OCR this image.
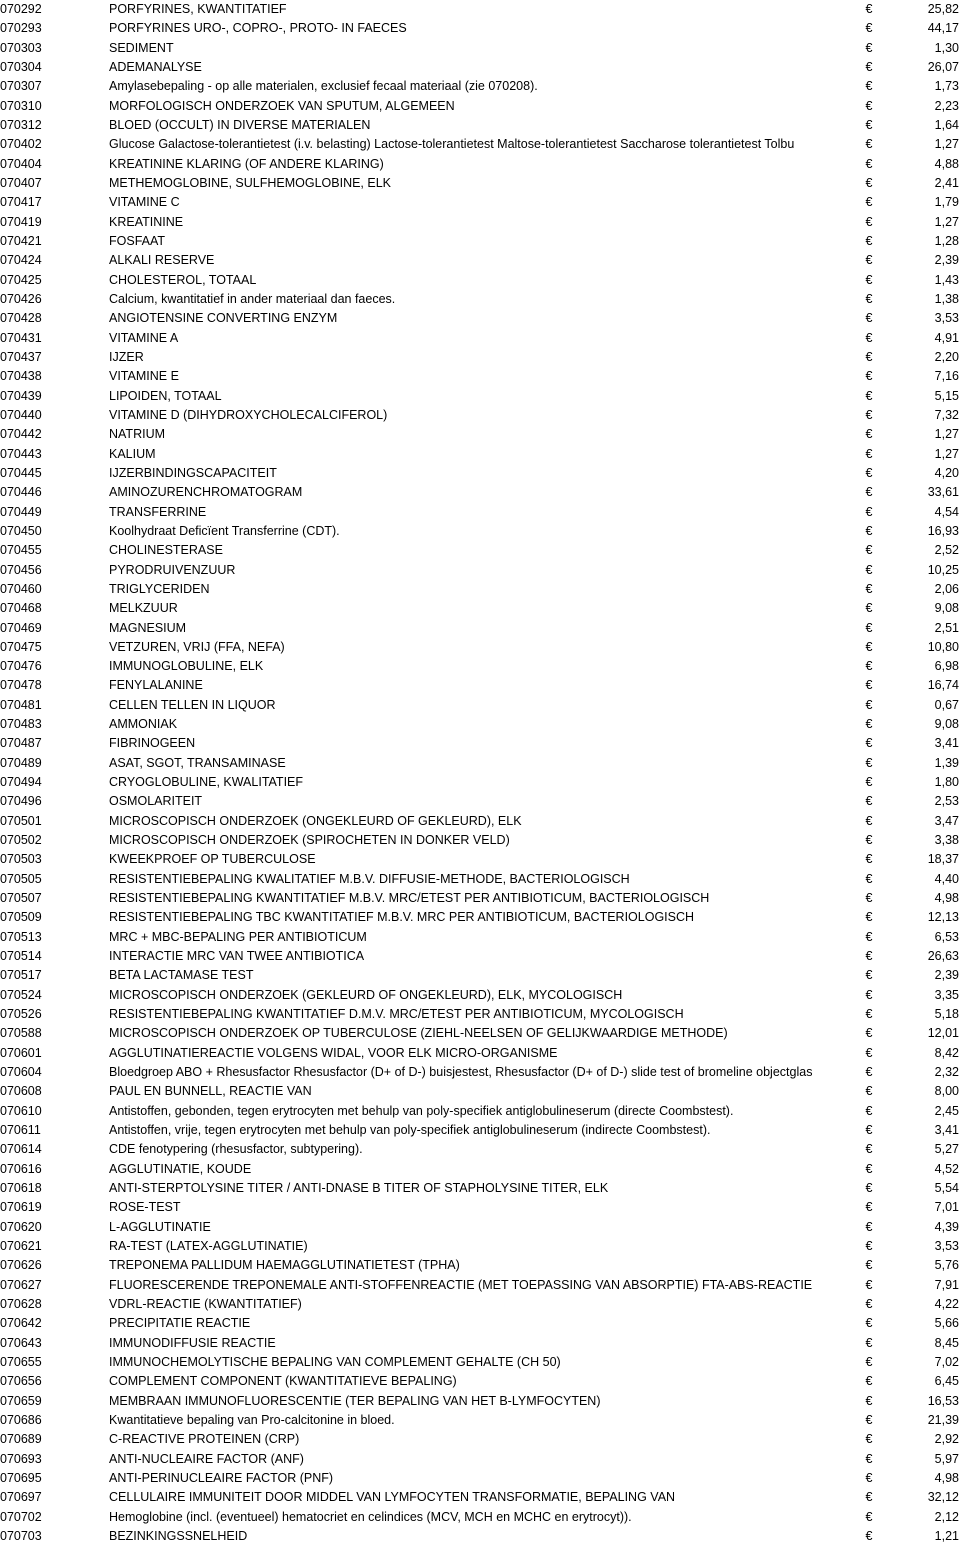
070292	PORFYRINES, KWANTITATIEF	€	25,82
070293	PORFYRINES URO-, COPRO-, PROTO- IN FAECES	€	44,17
070303	SEDIMENT	€	1,30
070304	ADEMANALYSE	€	26,07
070307	Amylasebepaling - op alle materialen, exclusief fecaal materiaal (zie 070208).	€	1,73
070310	MORFOLOGISCH ONDERZOEK VAN SPUTUM, ALGEMEEN	€	2,23
070312	BLOED (OCCULT) IN DIVERSE MATERIALEN	€	1,64
070402	Glucose Galactose-tolerantietest (i.v. belasting) Lactose-tolerantietest Maltose-tolerantietest Saccharose tolerantietest Tolbu	€	1,27
070404	KREATININE KLARING (OF ANDERE KLARING)	€	4,88
070407	METHEMOGLOBINE, SULFHEMOGLOBINE, ELK	€	2,41
070417	VITAMINE C	€	1,79
070419	KREATININE	€	1,27
070421	FOSFAAT	€	1,28
070424	ALKALI RESERVE	€	2,39
070425	CHOLESTEROL, TOTAAL	€	1,43
070426	Calcium, kwantitatief in ander materiaal dan faeces.	€	1,38
070428	ANGIOTENSINE CONVERTING ENZYM	€	3,53
070431	VITAMINE A	€	4,91
070437	IJZER	€	2,20
070438	VITAMINE E	€	7,16
070439	LIPOIDEN, TOTAAL	€	5,15
070440	VITAMINE D (DIHYDROXYCHOLECALCIFEROL)	€	7,32
070442	NATRIUM	€	1,27
070443	KALIUM	€	1,27
070445	IJZERBINDINGSCAPACITEIT	€	4,20
070446	AMINOZURENCHROMATOGRAM	€	33,61
070449	TRANSFERRINE	€	4,54
070450	Koolhydraat Deficïent Transferrine (CDT).	€	16,93
070455	CHOLINESTERASE	€	2,52
070456	PYRODRUIVENZUUR	€	10,25
070460	TRIGLYCERIDEN	€	2,06
070468	MELKZUUR	€	9,08
070469	MAGNESIUM	€	2,51
070475	VETZUREN, VRIJ (FFA, NEFA)	€	10,80
070476	IMMUNOGLOBULINE, ELK	€	6,98
070478	FENYLALANINE	€	16,74
070481	CELLEN TELLEN IN LIQUOR	€	0,67
070483	AMMONIAK	€	9,08
070487	FIBRINOGEEN	€	3,41
070489	ASAT, SGOT, TRANSAMINASE	€	1,39
070494	CRYOGLOBULINE, KWALITATIEF	€	1,80
070496	OSMOLARITEIT	€	2,53
070501	MICROSCOPISCH ONDERZOEK (ONGEKLEURD OF GEKLEURD), ELK	€	3,47
070502	MICROSCOPISCH ONDERZOEK (SPIROCHETEN IN DONKER VELD)	€	3,38
070503	KWEEKPROEF OP TUBERCULOSE	€	18,37
070505	RESISTENTIEBEPALING KWALITATIEF M.B.V. DIFFUSIE-METHODE, BACTERIOLOGISCH	€	4,40
070507	RESISTENTIEBEPALING KWANTITATIEF M.B.V. MRC/ETEST PER ANTIBIOTICUM, BACTERIOLOGISCH	€	4,98
070509	RESISTENTIEBEPALING TBC KWANTITATIEF M.B.V. MRC PER ANTIBIOTICUM, BACTERIOLOGISCH	€	12,13
070513	MRC + MBC-BEPALING PER ANTIBIOTICUM	€	6,53
070514	INTERACTIE MRC VAN TWEE ANTIBIOTICA	€	26,63
070517	BETA LACTAMASE TEST	€	2,39
070524	MICROSCOPISCH ONDERZOEK (GEKLEURD OF ONGEKLEURD), ELK, MYCOLOGISCH	€	3,35
070526	RESISTENTIEBEPALING KWANTITATIEF D.M.V. MRC/ETEST PER ANTIBIOTICUM, MYCOLOGISCH	€	5,18
070588	MICROSCOPISCH ONDERZOEK OP TUBERCULOSE (ZIEHL-NEELSEN OF GELIJKWAARDIGE METHODE)	€	12,01
070601	AGGLUTINATIEREACTIE VOLGENS WIDAL, VOOR ELK MICRO-ORGANISME	€	8,42
070604	Bloedgroep ABO + Rhesusfactor Rhesusfactor (D+ of D-) buisjestest, Rhesusfactor (D+ of D-) slide test of bromeline objectglas	€	2,32
070608	PAUL EN BUNNELL, REACTIE VAN	€	8,00
070610	Antistoffen, gebonden, tegen erytrocyten met behulp van poly-specifiek antiglobulineserum (directe Coombstest).	€	2,45
070611	Antistoffen, vrije, tegen erytrocyten met behulp van poly-specifiek antiglobulineserum (indirecte Coombstest).	€	3,41
070614	CDE fenotypering (rhesusfactor, subtypering).	€	5,27
070616	AGGLUTINATIE, KOUDE	€	4,52
070618	ANTI-STERPTOLYSINE TITER / ANTI-DNASE B TITER OF STAPHOLYSINE TITER, ELK	€	5,54
070619	ROSE-TEST	€	7,01
070620	L-AGGLUTINATIE	€	4,39
070621	RA-TEST (LATEX-AGGLUTINATIE)	€	3,53
070626	TREPONEMA PALLIDUM HAEMAGGLUTINATIETEST (TPHA)	€	5,76
070627	FLUORESCERENDE TREPONEMALE ANTI-STOFFENREACTIE (MET TOEPASSING VAN ABSORPTIE) FTA-ABS-REACTIE	€	7,91
070628	VDRL-REACTIE (KWANTITATIEF)	€	4,22
070642	PRECIPITATIE REACTIE	€	5,66
070643	IMMUNODIFFUSIE REACTIE	€	8,45
070655	IMMUNOCHEMOLYTISCHE BEPALING VAN COMPLEMENT GEHALTE (CH 50)	€	7,02
070656	COMPLEMENT COMPONENT (KWANTITATIEVE BEPALING)	€	6,45
070659	MEMBRAAN IMMUNOFLUORESCENTIE (TER BEPALING VAN HET B-LYMFOCYTEN)	€	16,53
070686	Kwantitatieve bepaling van Pro-calcitonine in bloed.	€	21,39
070689	C-REACTIVE PROTEINEN (CRP)	€	2,92
070693	ANTI-NUCLEAIRE FACTOR (ANF)	€	5,97
070695	ANTI-PERINUCLEAIRE FACTOR (PNF)	€	4,98
070697	CELLULAIRE IMMUNITEIT DOOR MIDDEL VAN LYMFOCYTEN TRANSFORMATIE, BEPALING VAN	€	32,12
070702	Hemoglobine (incl. (eventueel) hematocriet en celindices (MCV, MCH en MCHC en erytrocyt)).	€	2,12
070703	BEZINKINGSSNELHEID	€	1,21
